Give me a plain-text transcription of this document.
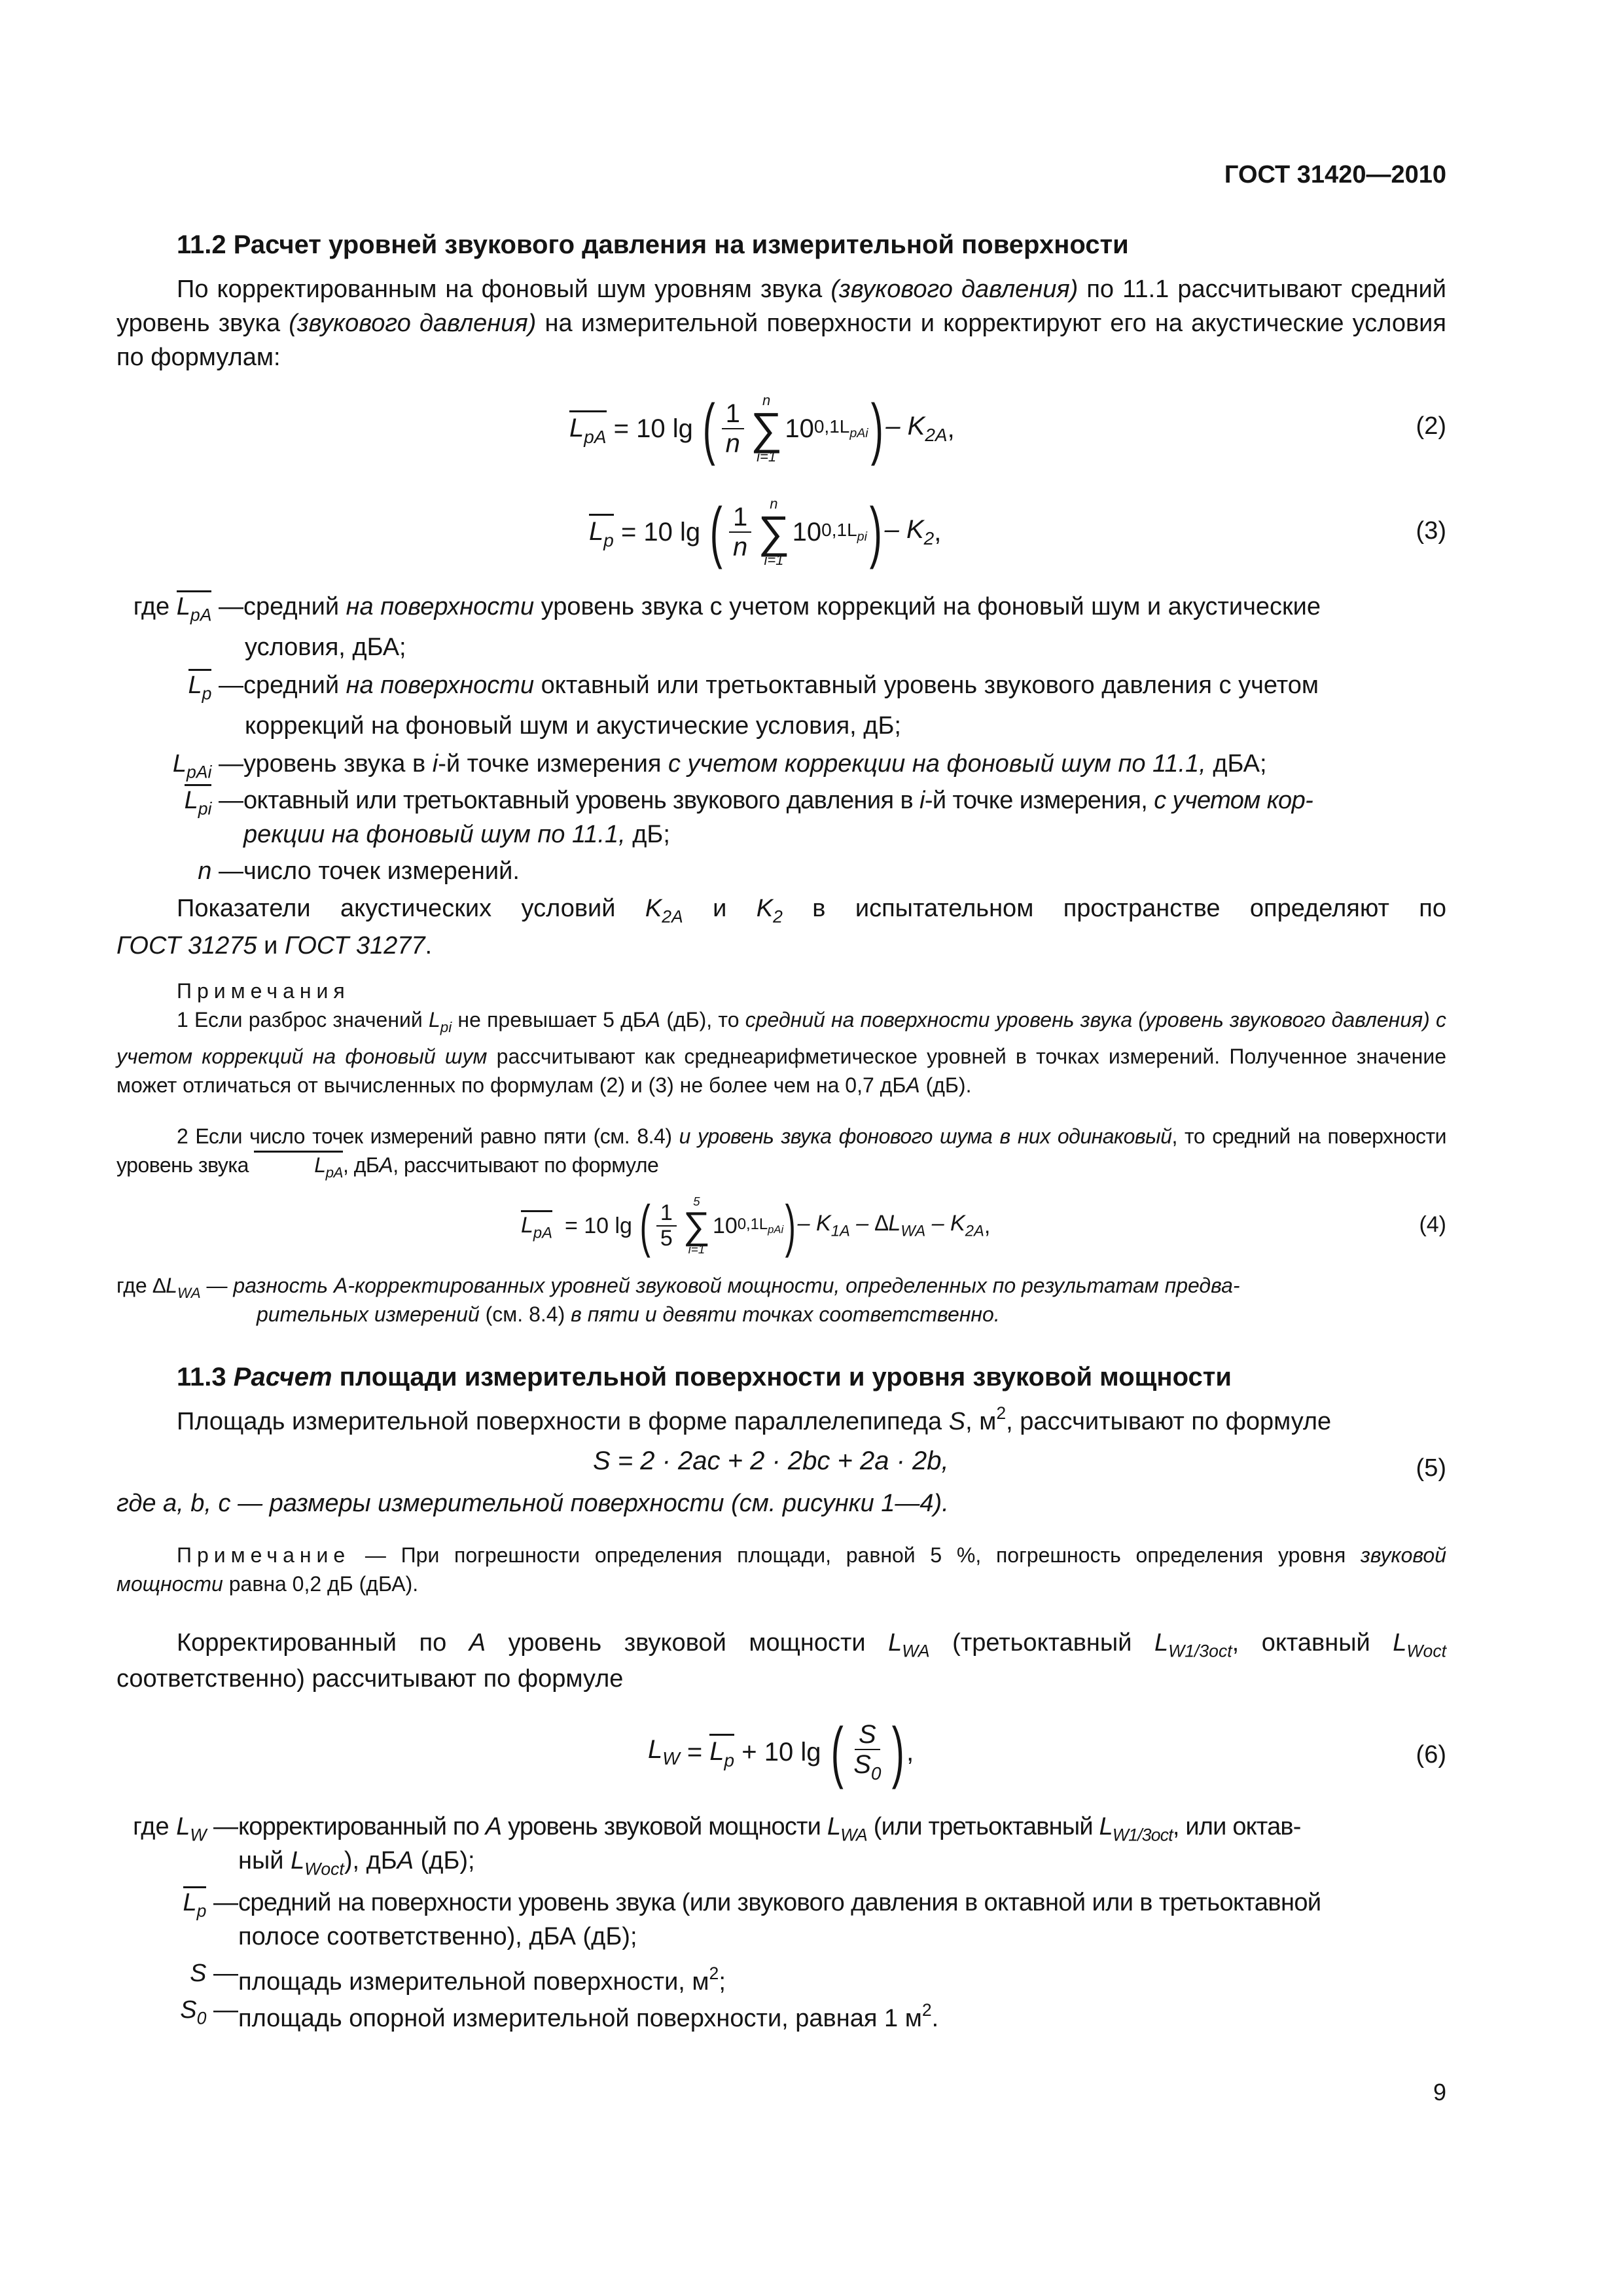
ГОСТ 31420—2010
11.2 Расчет уровней звукового давления на измерительной поверхности
По корректированным на фоновый шум уровням звука (звукового давления) по 11.1 рассчитывают средний уровень звука (звукового давления) на измерительной поверхности и корректируют его на акустические условия по формулам:
$L_{pA}$
= 10 lg
( $\frac{1}{n}$ n
∑
i=1
10 $0,1L_{pAi}$ ) – $K_{2A}$ ,	(2)
$L_p$
= 10 lg
( $\frac{1}{n}$ n
∑
i=1
10 $0,1L_{pi}$ ) – $K_2$ ,	(3)
где $L_{pA}$ — средний на поверхности уровень звука с учетом коррекций на фоновый шум и акустические
условия, дБА;
$L_p$ — средний на поверхности октавный или третьоктавный уровень звукового давления с учетом
коррекций на фоновый шум и акустические условия, дБ;
$L_{pAi}$ — уровень звука в i-й точке измерения с учетом коррекции на фоновый шум по 11.1, дБА;
$L_{pi}$ — октавный или третьоктавный уровень звукового давления в i-й точке измерения, с учетом кор-
рекции на фоновый шум по 11.1, дБ;
n — число точек измерений.
Показатели акустических условий $K_{2A}$ и $K_2$ в испытательном пространстве определяют по
ГОСТ 31275 и ГОСТ 31277.
Примечания
1 Если разброс значений $L_{pi}$ не превышает 5 дБА (дБ), то средний на поверхности уровень звука (уровень звукового давления) с учетом коррекций на фоновый шум рассчитывают как среднеарифметическое уровней в точках измерений. Полученное значение может отличаться от вычисленных по формулам (2) и (3) не более чем на 0,7 дБА (дБ).
2 Если число точек измерений равно пяти (см. 8.4) и уровень звука фонового шума в них одинаковый, то средний на поверхности уровень звука	$L_{pA}$, дБА, рассчитывают по формуле
$L_{pA}$
= 10 lg
( $\frac{1}{5} 5$
∑
i=1
10 $0,1L_{pAi}$ ) – $K_{1A}$
– $\Delta L_{WA}$
– $K_{2A}$ ,	(4)
где $\Delta L_{WA}$ — разность А-корректированных уровней звуковой мощности, определенных по результатам предва-
рительных измерений (см. 8.4) в пяти и девяти точках соответственно.
11.3 Расчет площади измерительной поверхности и уровня звуковой мощности
Площадь измерительной поверхности в форме параллелепипеда S, $м^2$, рассчитывают по формуле
S = 2 · 2ac + 2 · 2bc + 2a · 2b,	(5)
где a, b, c — размеры измерительной поверхности (см. рисунки 1—4).
Примечание — При погрешности определения площади, равной 5 %, погрешность определения уровня звуковой мощности равна 0,2 дБ (дБА).
Корректированный по А уровень звуковой мощности $L_{WA}$ (третьоктавный $L_{W1/3oct}$, октавный $L_{Woct}$
соответственно) рассчитывают по формуле
$L_W$
=
$L_p$
+ 10 lg
( $\frac{S}{S_0}$ ) ,	(6)
где $L_W$ — корректированный по А уровень звуковой мощности $L_{WA}$ (или третьоктавный $L_{W1/3oct}$, или октав-
ный $L_{Woct}$), дБА (дБ);
$L_p$ — средний на поверхности уровень звука (или звукового давления в октавной или в третьоктавной
полосе соответственно), дБА (дБ);
S — площадь измерительной поверхности, $м^2$;
$S_0$ — площадь опорной измерительной поверхности, равная 1 $м^2$.
9
